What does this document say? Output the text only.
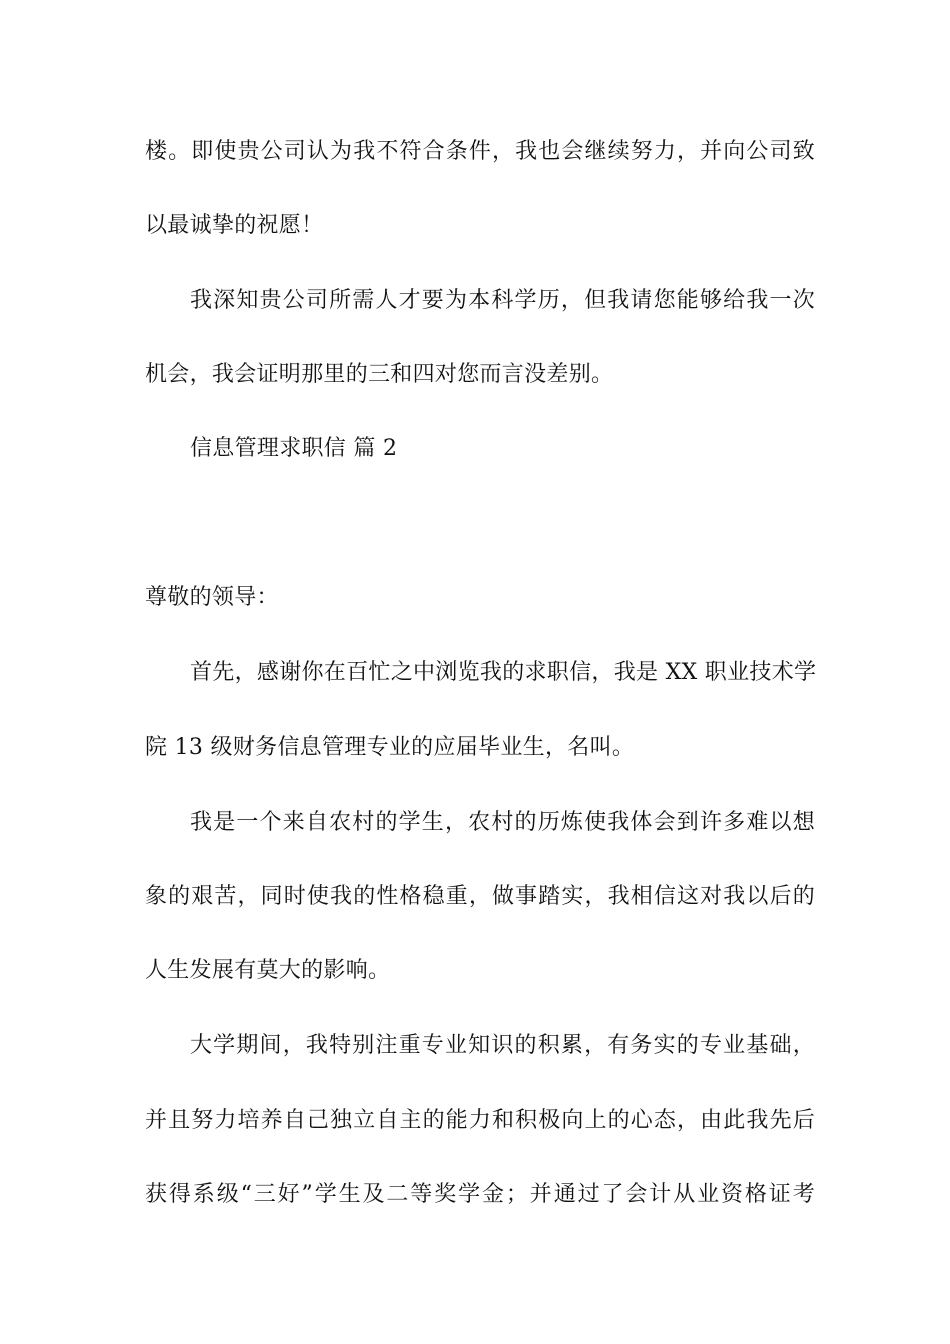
楼。即使贵公司认为我不符合条件，我也会继续努力，并向公司致
以最诚挚的祝愿！
我深知贵公司所需人才要为本科学历，但我请您能够给我一次
机会，我会证明那里的三和四对您而言没差别。
信息管理求职信 篇 2
尊敬的领导：
首先，感谢你在百忙之中浏览我的求职信，我是 XX 职业技术学
院 13 级财务信息管理专业的应届毕业生，名叫。
我是一个来自农村的学生，农村的历炼使我体会到许多难以想
象的艰苦，同时使我的性格稳重，做事踏实，我相信这对我以后的
人生发展有莫大的影响。
大学期间，我特别注重专业知识的积累，有务实的专业基础，
并且努力培养自己独立自主的能力和积极向上的心态，由此我先后
获得系级“三好”学生及二等奖学金；并通过了会计从业资格证考
